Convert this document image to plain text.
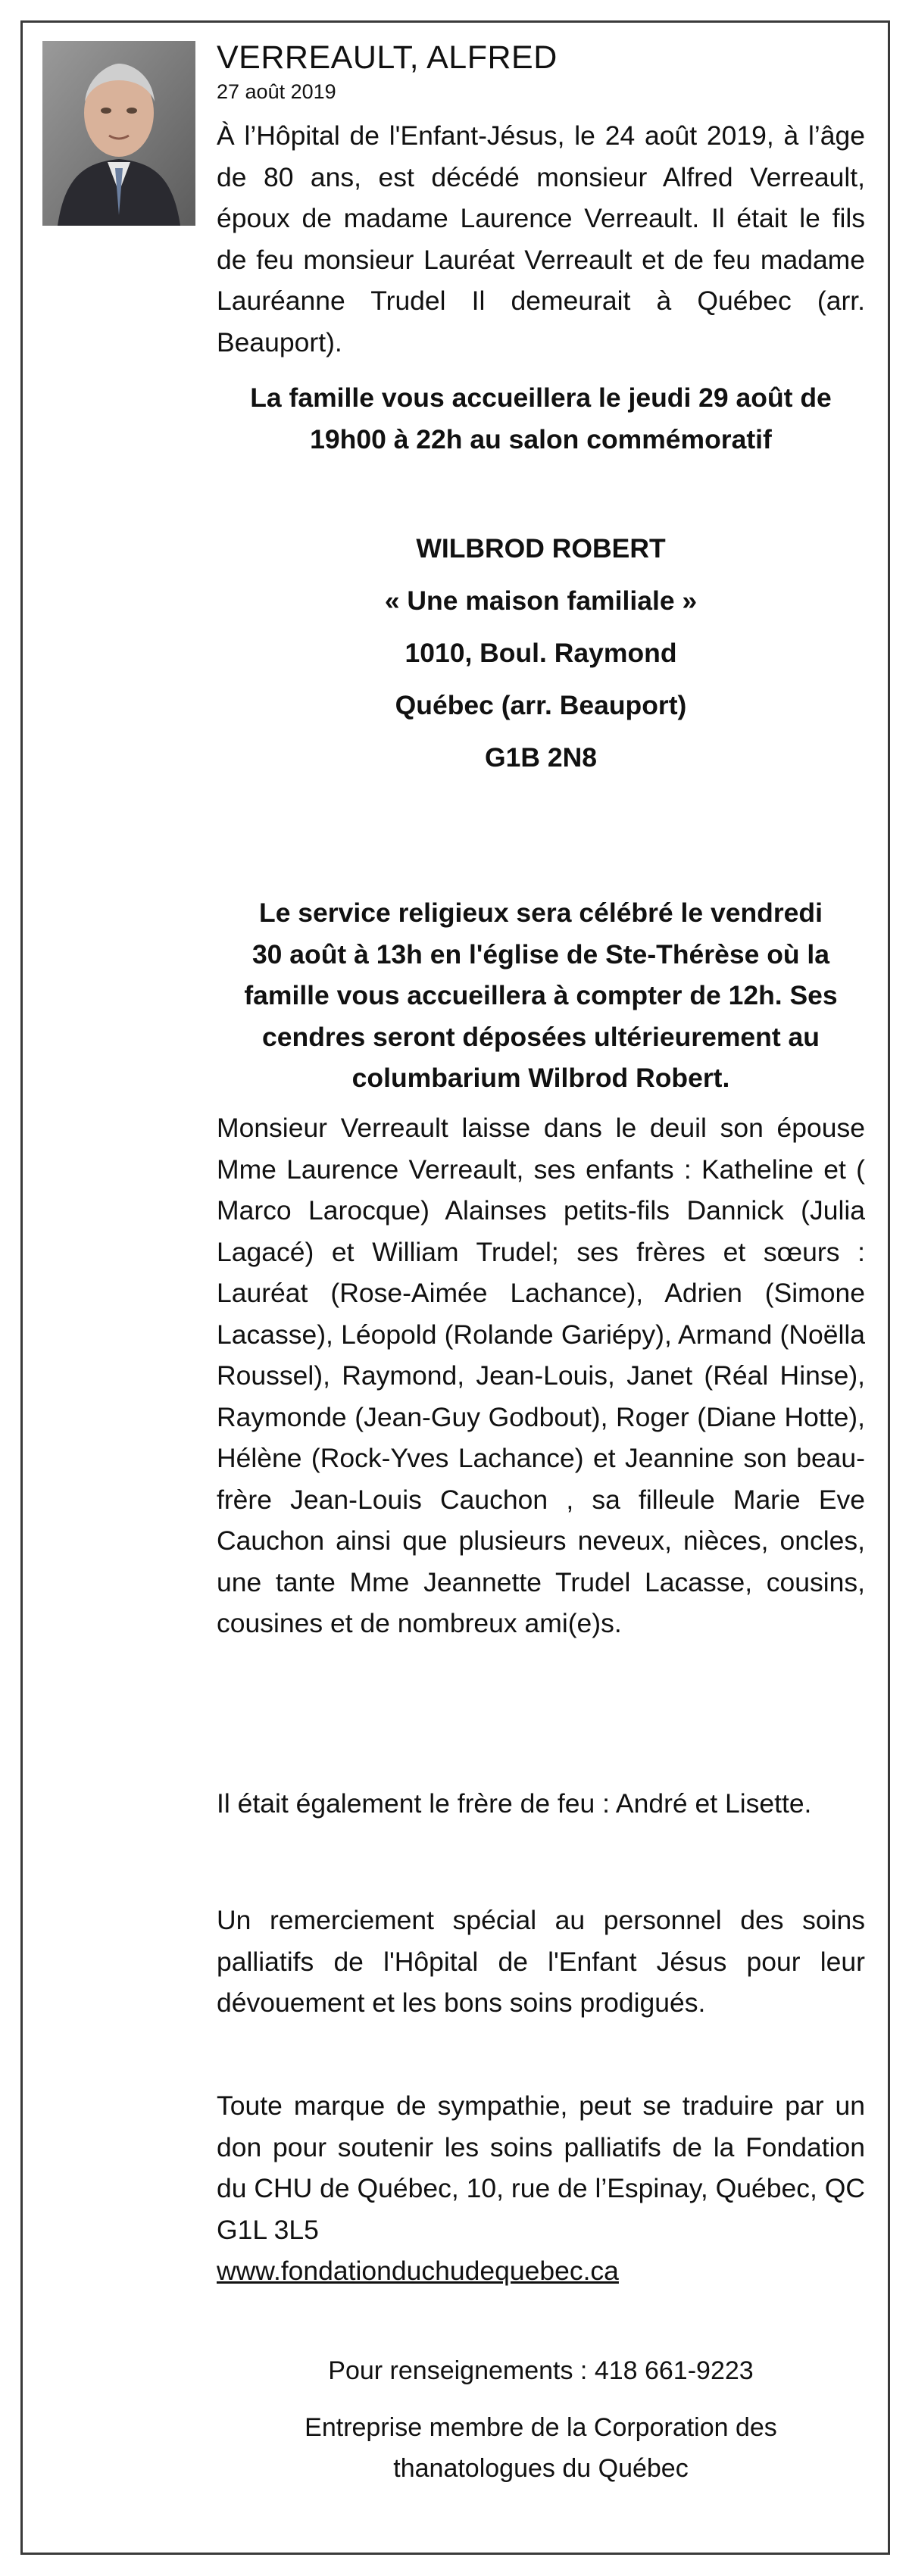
VERREAULT, ALFRED
27 août 2019

À l’Hôpital de l'Enfant-Jésus, le 24 août 2019, à l’âge de 80 ans, est décédé monsieur Alfred Verreault, époux de madame Laurence Verreault. Il était le fils de feu monsieur Lauréat Verreault et de feu madame Lauréanne Trudel Il demeurait à Québec (arr. Beauport).

La famille vous accueillera le jeudi 29 août de
19h00 à 22h au salon commémoratif
WILBROD ROBERT
« Une maison familiale »
1010, Boul. Raymond
Québec (arr. Beauport)
G1B 2N8
Le service religieux sera célébré le vendredi
30 août à 13h en l'église de Ste-Thérèse où la
famille vous accueillera à compter de 12h. Ses
cendres seront déposées ultérieurement au
columbarium Wilbrod Robert.

Monsieur Verreault laisse dans le deuil son épouse Mme Laurence Verreault, ses enfants : Katheline et ( Marco Larocque) Alainses petits-fils Dannick (Julia Lagacé) et William Trudel; ses frères et sœurs : Lauréat (Rose-Aimée Lachance), Adrien (Simone Lacasse), Léopold (Rolande Gariépy), Armand (Noëlla Roussel), Raymond, Jean-Louis, Janet (Réal Hinse), Raymonde (Jean-Guy Godbout), Roger (Diane Hotte), Hélène (Rock-Yves Lachance) et Jeannine son beau-frère Jean-Louis Cauchon , sa filleule Marie Eve Cauchon ainsi que plusieurs neveux, nièces, oncles, une tante Mme Jeannette Trudel Lacasse, cousins, cousines et de nombreux ami(e)s.

Il était également le frère de feu : André et Lisette.

Un remerciement spécial au personnel des soins palliatifs de l'Hôpital de l'Enfant Jésus pour leur dévouement et les bons soins prodigués.

Toute marque de sympathie, peut se traduire par un don pour soutenir les soins palliatifs de la Fondation du CHU de Québec, 10, rue de l’Espinay, Québec, QC G1L 3L5

www.fondationduchudequebec.ca
Pour renseignements : 418 661-9223
Entreprise membre de la Corporation des
thanatologues du Québec
